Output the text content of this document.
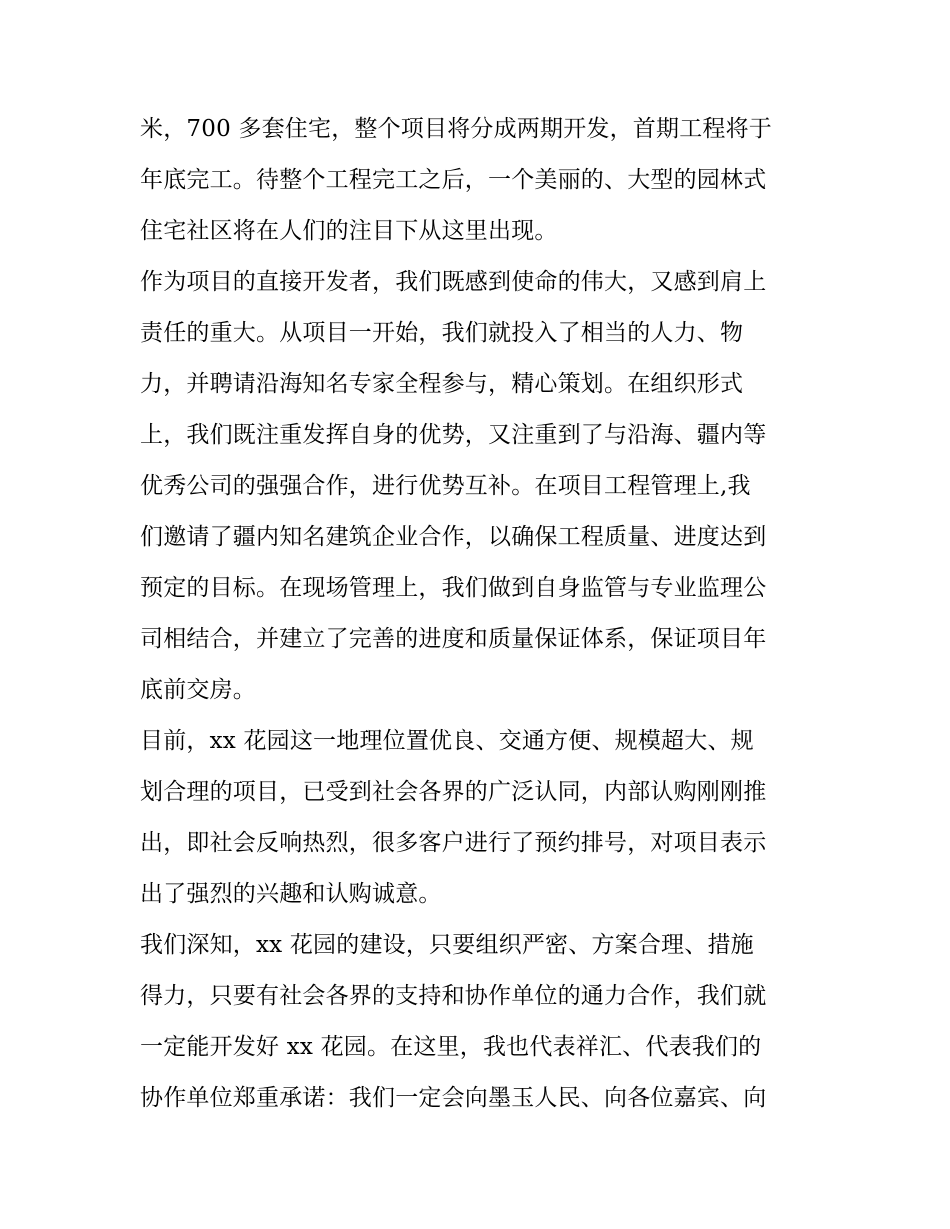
米，700 多套住宅，整个项目将分成两期开发，首期工程将于
年底完工。待整个工程完工之后，一个美丽的、大型的园林式
住宅社区将在人们的注目下从这里出现。
作为项目的直接开发者，我们既感到使命的伟大，又感到肩上
责任的重大。从项目一开始，我们就投入了相当的人力、物
力，并聘请沿海知名专家全程参与，精心策划。在组织形式
上，我们既注重发挥自身的优势，又注重到了与沿海、疆内等
优秀公司的强强合作，进行优势互补。在项目工程管理上,我
们邀请了疆内知名建筑企业合作，以确保工程质量、进度达到
预定的目标。在现场管理上，我们做到自身监管与专业监理公
司相结合，并建立了完善的进度和质量保证体系，保证项目年
底前交房。
目前，xx 花园这一地理位置优良、交通方便、规模超大、规
划合理的项目，已受到社会各界的广泛认同，内部认购刚刚推
出，即社会反响热烈，很多客户进行了预约排号，对项目表示
出了强烈的兴趣和认购诚意。
我们深知，xx 花园的建设，只要组织严密、方案合理、措施
得力，只要有社会各界的支持和协作单位的通力合作，我们就
一定能开发好 xx 花园。在这里，我也代表祥汇、代表我们的
协作单位郑重承诺：我们一定会向墨玉人民、向各位嘉宾、向
